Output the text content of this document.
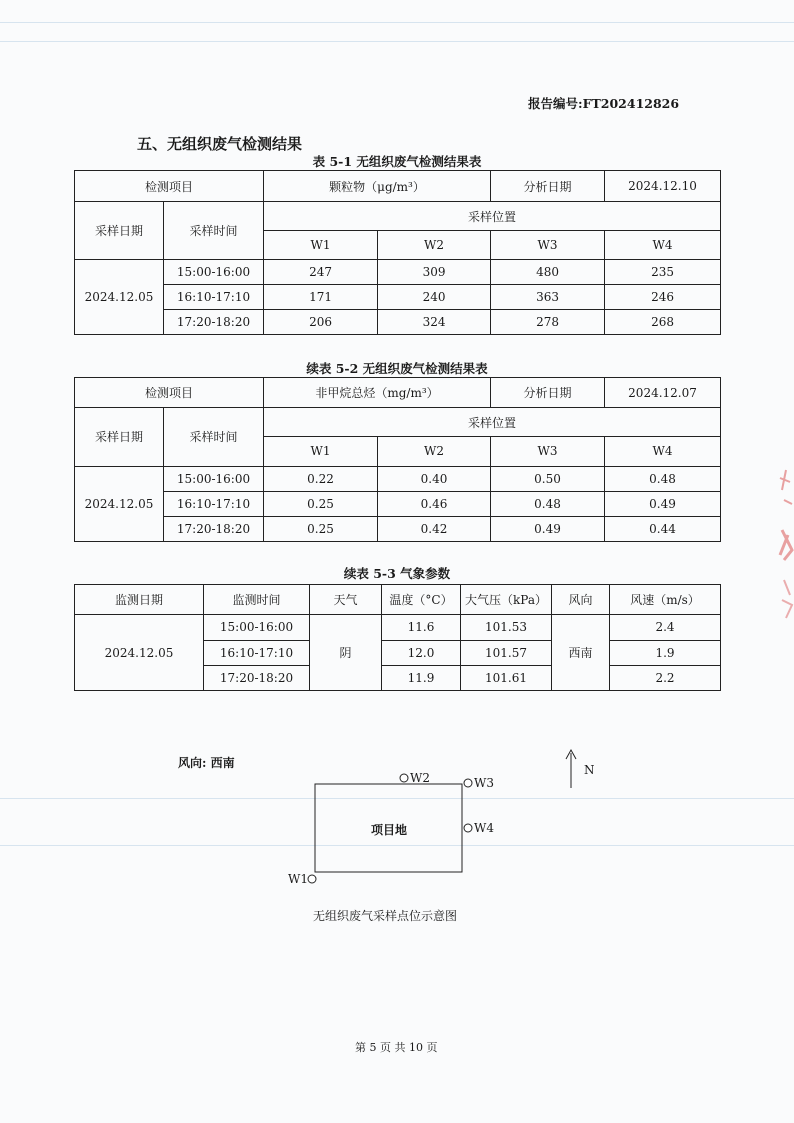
报告编号:FT202412826
五、无组织废气检测结果
表 5-1 无组织废气检测结果表
检测项目		颗粒物（μg/m³）		分析日期	2024.12.10
采样日期	采样时间	采样位置			
		W1	W2	W3	W4
2024.12.05	15:00-16:00	247	309	480	235
	16:10-17:10	171	240	363	246
	17:20-18:20	206	324	278	268
续表 5-2 无组织废气检测结果表
检测项目		非甲烷总烃（mg/m³）		分析日期	2024.12.07
采样日期	采样时间	采样位置			
		W1	W2	W3	W4
2024.12.05	15:00-16:00	0.22	0.40	0.50	0.48
	16:10-17:10	0.25	0.46	0.48	0.49
	17:20-18:20	0.25	0.42	0.49	0.44
续表 5-3 气象参数
监测日期	监测时间	天气	温度（°C）	大气压（kPa）	风向	风速（m/s）
2024.12.05	15:00-16:00	阴	11.6	101.53	西南	2.4
	16:10-17:10		12.0	101.57		1.9
	17:20-18:20		11.9	101.61		2.2
风向: 西南	N
W2	W3
W4
W1
项目地
无组织废气采样点位示意图
第 5 页 共 10 页
